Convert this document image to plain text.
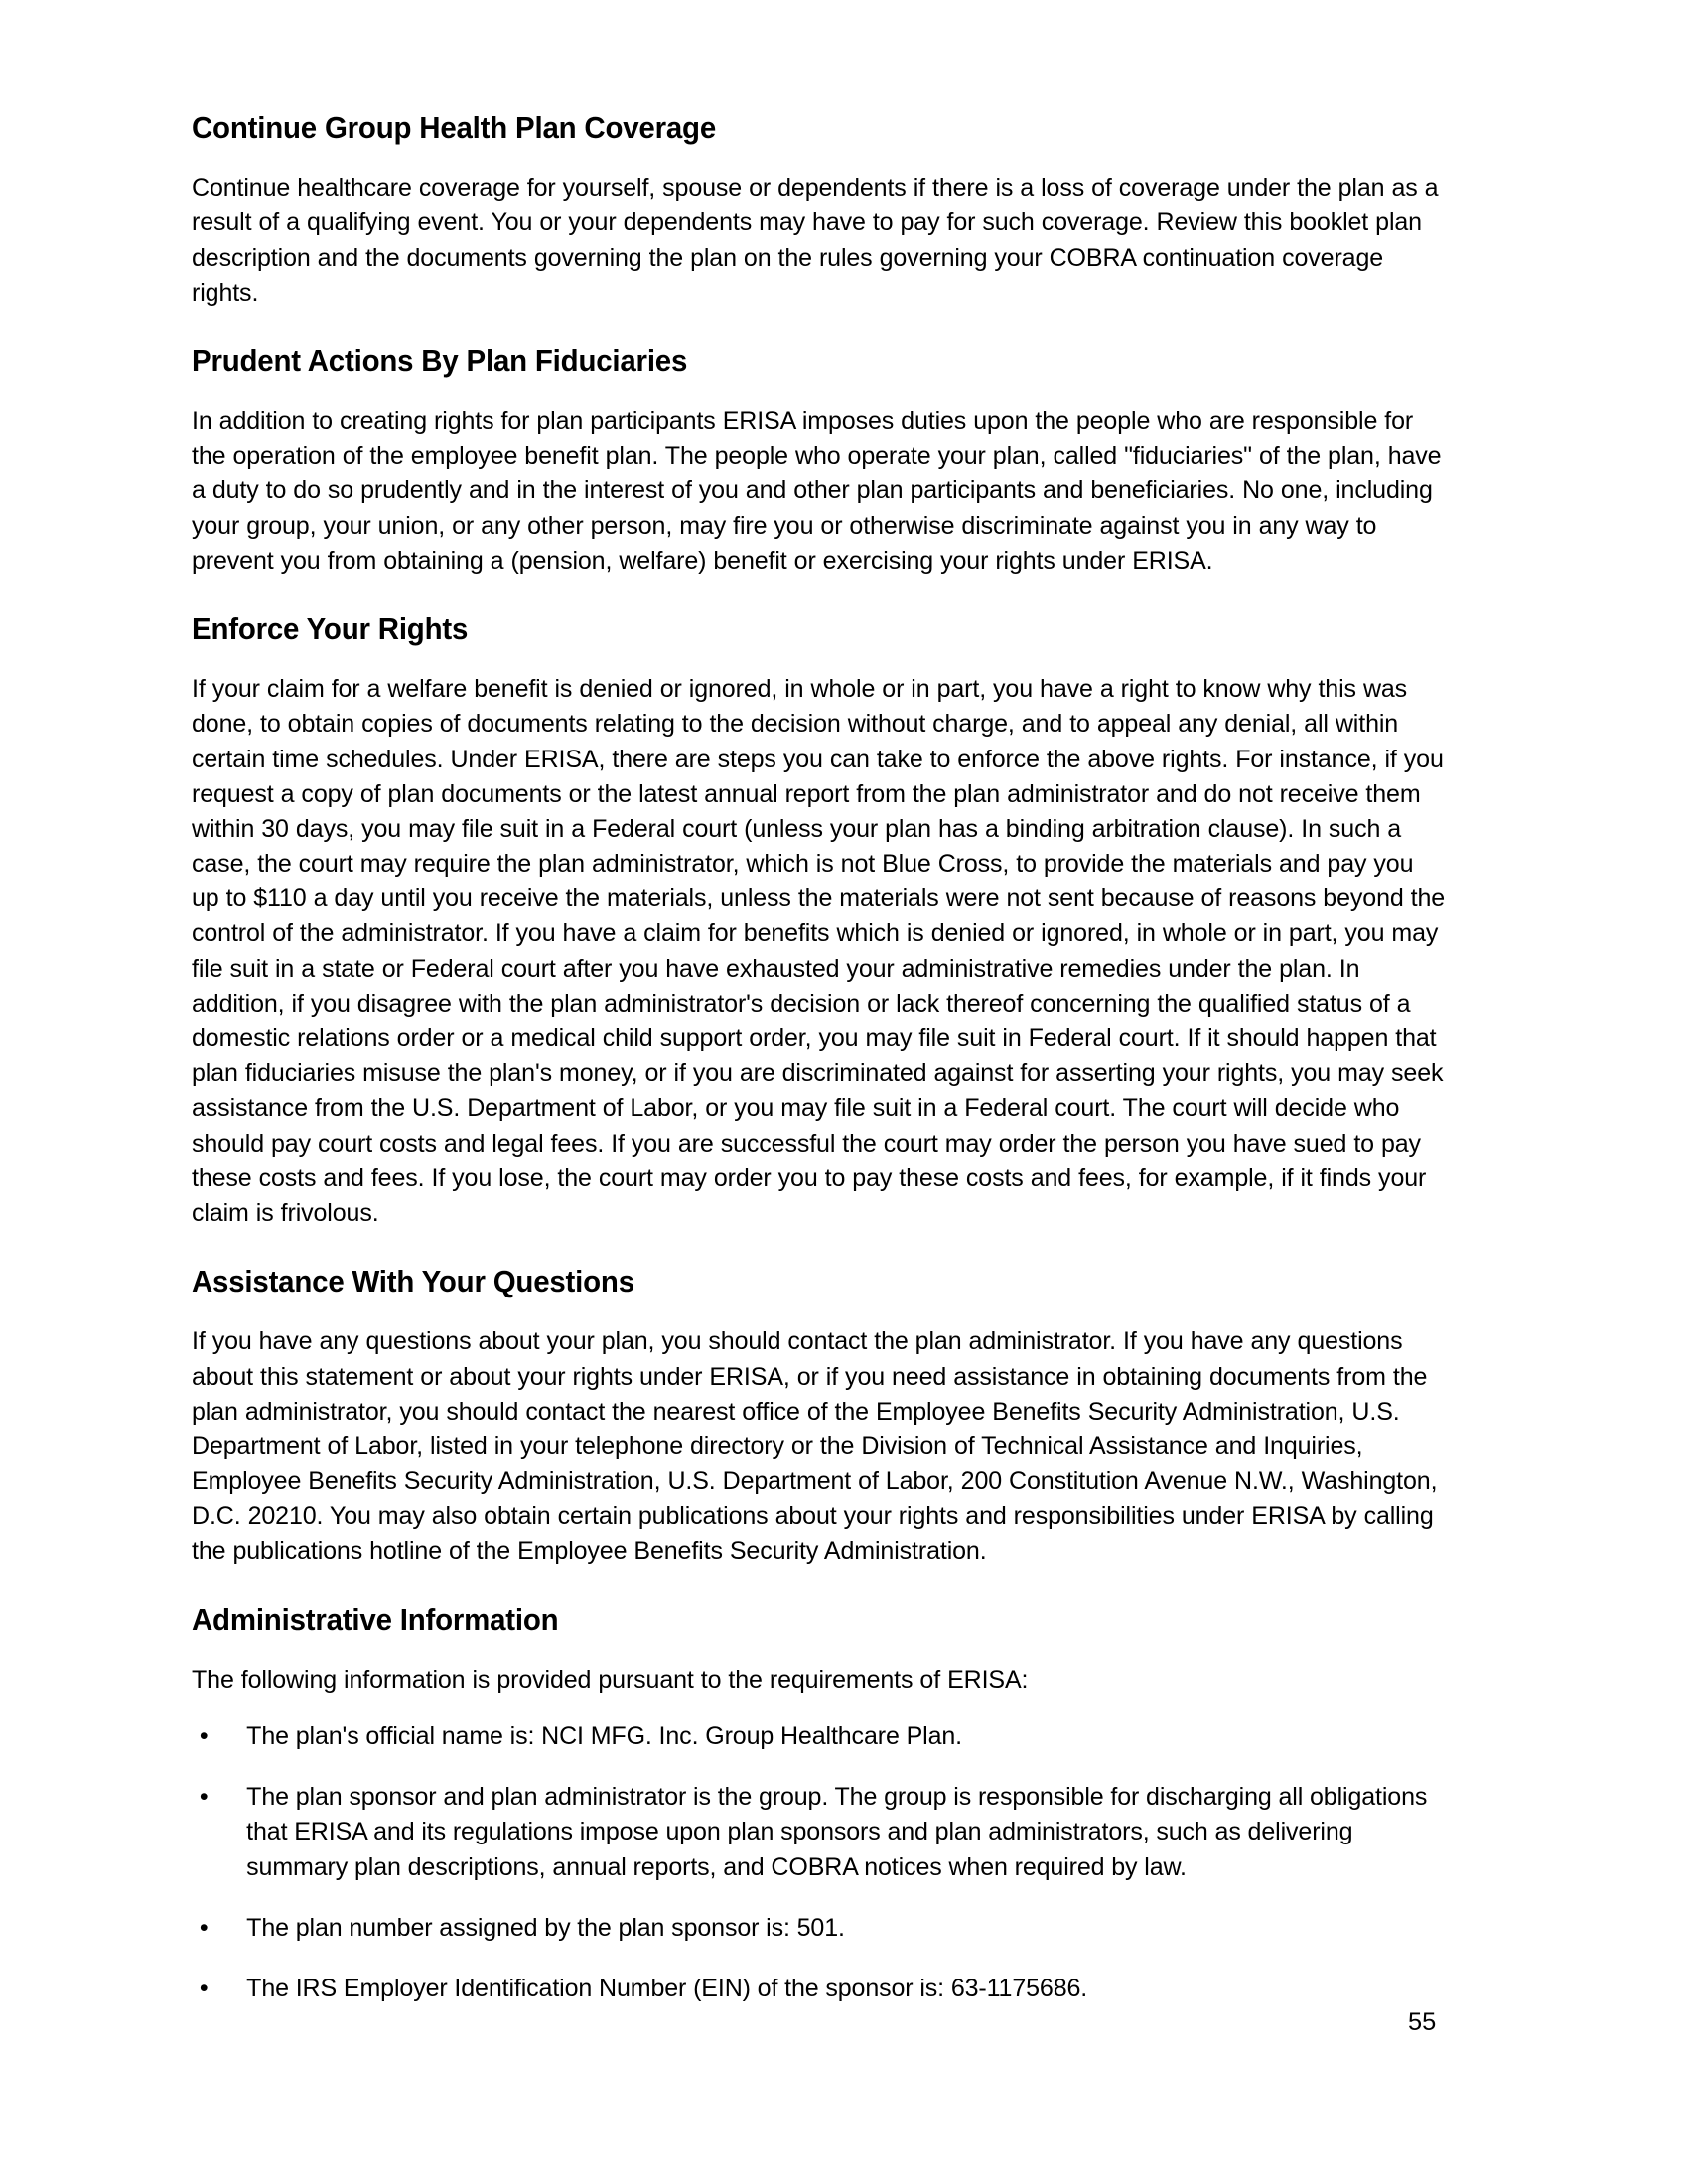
Continue Group Health Plan Coverage

Continue healthcare coverage for yourself, spouse or dependents if there is a loss of coverage under the plan as a result of a qualifying event. You or your dependents may have to pay for such coverage. Review this booklet plan description and the documents governing the plan on the rules governing your COBRA continuation coverage rights.

Prudent Actions By Plan Fiduciaries

In addition to creating rights for plan participants ERISA imposes duties upon the people who are responsible for the operation of the employee benefit plan. The people who operate your plan, called "fiduciaries" of the plan, have a duty to do so prudently and in the interest of you and other plan participants and beneficiaries. No one, including your group, your union, or any other person, may fire you or otherwise discriminate against you in any way to prevent you from obtaining a (pension, welfare) benefit or exercising your rights under ERISA.

Enforce Your Rights

If your claim for a welfare benefit is denied or ignored, in whole or in part, you have a right to know why this was done, to obtain copies of documents relating to the decision without charge, and to appeal any denial, all within certain time schedules. Under ERISA, there are steps you can take to enforce the above rights. For instance, if you request a copy of plan documents or the latest annual report from the plan administrator and do not receive them within 30 days, you may file suit in a Federal court (unless your plan has a binding arbitration clause). In such a case, the court may require the plan administrator, which is not Blue Cross, to provide the materials and pay you up to $110 a day until you receive the materials, unless the materials were not sent because of reasons beyond the control of the administrator. If you have a claim for benefits which is denied or ignored, in whole or in part, you may file suit in a state or Federal court after you have exhausted your administrative remedies under the plan. In addition, if you disagree with the plan administrator's decision or lack thereof concerning the qualified status of a domestic relations order or a medical child support order, you may file suit in Federal court. If it should happen that plan fiduciaries misuse the plan's money, or if you are discriminated against for asserting your rights, you may seek assistance from the U.S. Department of Labor, or you may file suit in a Federal court. The court will decide who should pay court costs and legal fees. If you are successful the court may order the person you have sued to pay these costs and fees. If you lose, the court may order you to pay these costs and fees, for example, if it finds your claim is frivolous.

Assistance With Your Questions

If you have any questions about your plan, you should contact the plan administrator. If you have any questions about this statement or about your rights under ERISA, or if you need assistance in obtaining documents from the plan administrator, you should contact the nearest office of the Employee Benefits Security Administration, U.S. Department of Labor, listed in your telephone directory or the Division of Technical Assistance and Inquiries, Employee Benefits Security Administration, U.S. Department of Labor, 200 Constitution Avenue N.W., Washington, D.C. 20210. You may also obtain certain publications about your rights and responsibilities under ERISA by calling the publications hotline of the Employee Benefits Security Administration.

Administrative Information

The following information is provided pursuant to the requirements of ERISA:

• The plan's official name is: NCI MFG. Inc. Group Healthcare Plan.
• The plan sponsor and plan administrator is the group. The group is responsible for discharging all obligations that ERISA and its regulations impose upon plan sponsors and plan administrators, such as delivering summary plan descriptions, annual reports, and COBRA notices when required by law.
• The plan number assigned by the plan sponsor is: 501.
• The IRS Employer Identification Number (EIN) of the sponsor is: 63-1175686.
55
